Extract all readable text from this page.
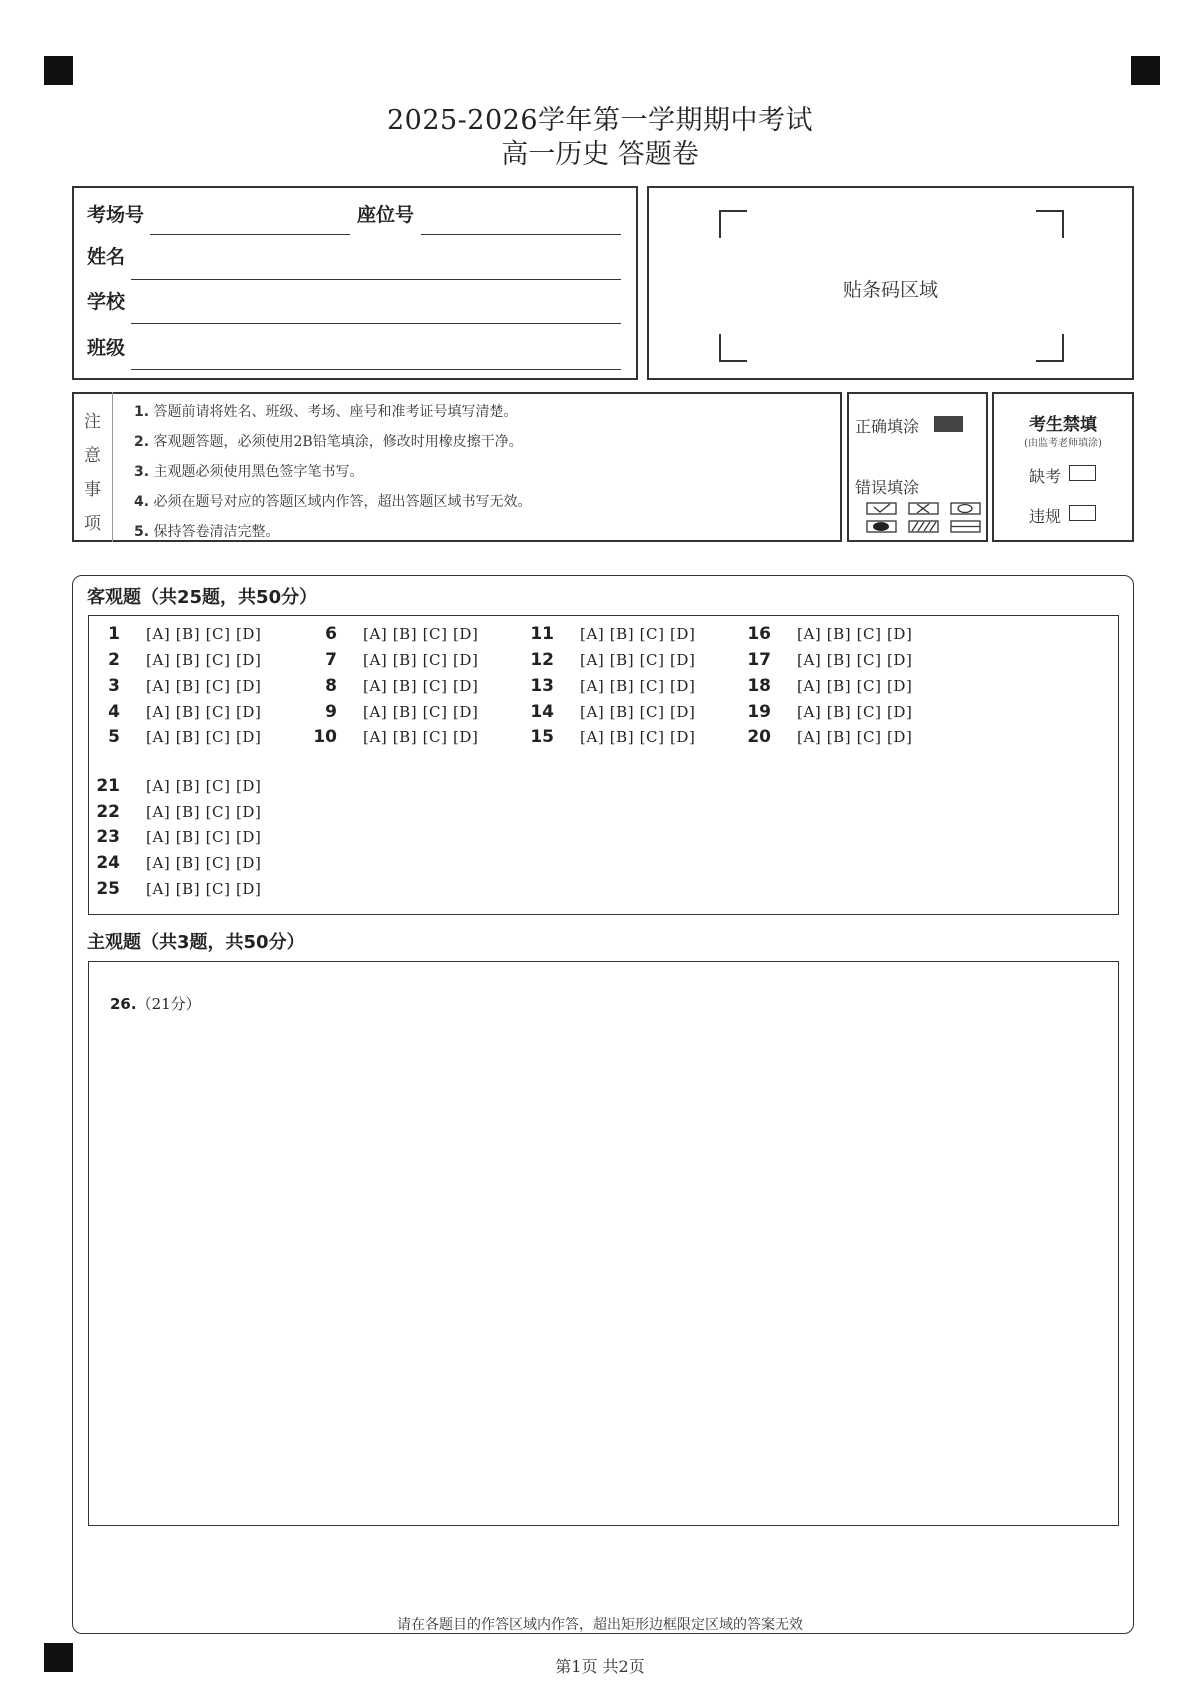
2025-2026学年第一学期期中考试
高一历史 答题卷
考场号	座位号
姓名
学校
班级
贴条码区域
注
意
事
项
1. 答题前请将姓名、班级、考场、座号和准考证号填写清楚。
2. 客观题答题，必须使用2B铅笔填涂，修改时用橡皮擦干净。
3. 主观题必须使用黑色签字笔书写。
4. 必须在题号对应的答题区域内作答，超出答题区域书写无效。
5. 保持答卷清洁完整。
正确填涂
错误填涂
考生禁填
(由监考老师填涂)
缺考
违规
客观题（共25题，共50分）
1 [A] [B] [C] [D]
2 [A] [B] [C] [D]
3 [A] [B] [C] [D]
4 [A] [B] [C] [D]
5 [A] [B] [C] [D]
6 [A] [B] [C] [D]
7 [A] [B] [C] [D]
8 [A] [B] [C] [D]
9 [A] [B] [C] [D]
10 [A] [B] [C] [D]
11 [A] [B] [C] [D]
12 [A] [B] [C] [D]
13 [A] [B] [C] [D]
14 [A] [B] [C] [D]
15 [A] [B] [C] [D]
16 [A] [B] [C] [D]
17 [A] [B] [C] [D]
18 [A] [B] [C] [D]
19 [A] [B] [C] [D]
20 [A] [B] [C] [D]
21 [A] [B] [C] [D]
22 [A] [B] [C] [D]
23 [A] [B] [C] [D]
24 [A] [B] [C] [D]
25 [A] [B] [C] [D]
主观题（共3题，共50分）
26.（21分）
请在各题目的作答区域内作答，超出矩形边框限定区域的答案无效
第1页 共2页
